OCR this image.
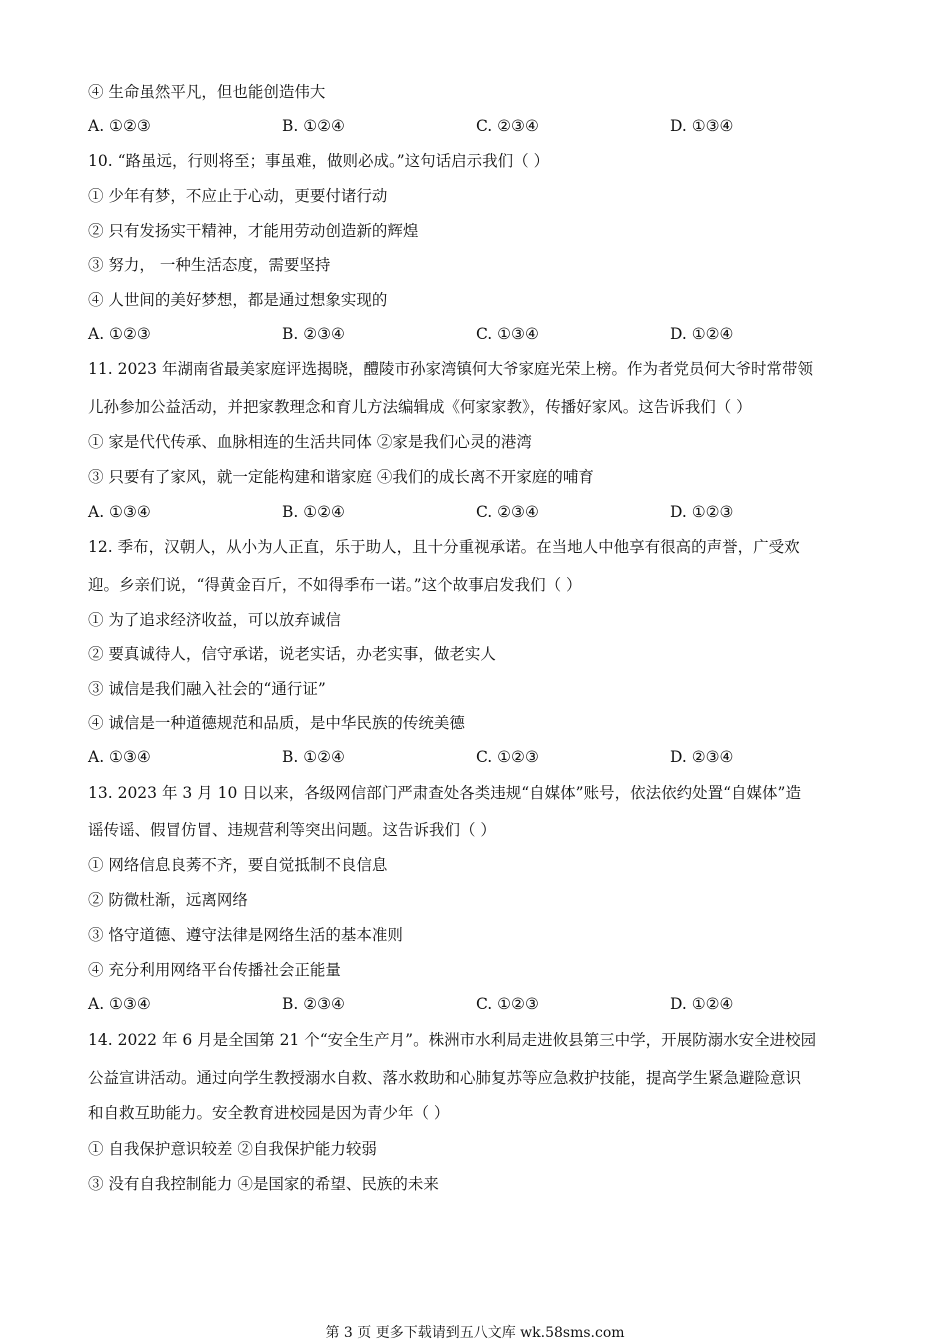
④ 生命虽然平凡，但也能创造伟大
A. ①②③	B. ①②④	C. ②③④	D. ①③④
10. “路虽远，行则将至；事虽难，做则必成。”这句话启示我们（ ）
① 少年有梦，不应止于心动，更要付诸行动
② 只有发扬实干精神，才能用劳动创造新的辉煌
③ 努力， 一种生活态度，需要坚持
④ 人世间的美好梦想，都是通过想象实现的
A. ①②③	B. ②③④	C. ①③④	D. ①②④
11. 2023 年湖南省最美家庭评选揭晓，醴陵市孙家湾镇何大爷家庭光荣上榜。作为者党员何大爷时常带领
儿孙参加公益活动，并把家教理念和育儿方法编辑成《何家家教》，传播好家风。这告诉我们（ ）
① 家是代代传承、血脉相连的生活共同体 ②家是我们心灵的港湾
③ 只要有了家风，就一定能构建和谐家庭 ④我们的成长离不开家庭的哺育
A. ①③④	B. ①②④	C. ②③④	D. ①②③
12. 季布，汉朝人，从小为人正直，乐于助人，且十分重视承诺。在当地人中他享有很高的声誉，广受欢
迎。乡亲们说，“得黄金百斤，不如得季布一诺。”这个故事启发我们（ ）
① 为了追求经济收益，可以放弃诚信
② 要真诚待人，信守承诺，说老实话，办老实事，做老实人
③ 诚信是我们融入社会的“通行证”
④ 诚信是一种道德规范和品质，是中华民族的传统美德
A. ①③④	B. ①②④	C. ①②③	D. ②③④
13. 2023 年 3 月 10 日以来，各级网信部门严肃查处各类违规“自媒体”账号，依法依约处置“自媒体”造
谣传谣、假冒仿冒、违规营利等突出问题。这告诉我们（ ）
① 网络信息良莠不齐，要自觉抵制不良信息
② 防微杜渐，远离网络
③ 恪守道德、遵守法律是网络生活的基本准则
④ 充分利用网络平台传播社会正能量
A. ①③④	B. ②③④	C. ①②③	D. ①②④
14. 2022 年 6 月是全国第 21 个“安全生产月”。株洲市水利局走进攸县第三中学，开展防溺水安全进校园
公益宣讲活动。通过向学生教授溺水自救、落水救助和心肺复苏等应急救护技能，提高学生紧急避险意识
和自救互助能力。安全教育进校园是因为青少年（ ）
① 自我保护意识较差 ②自我保护能力较弱
③ 没有自我控制能力 ④是国家的希望、民族的未来
第 3 页 更多下载请到五八文库 wk.58sms.com
